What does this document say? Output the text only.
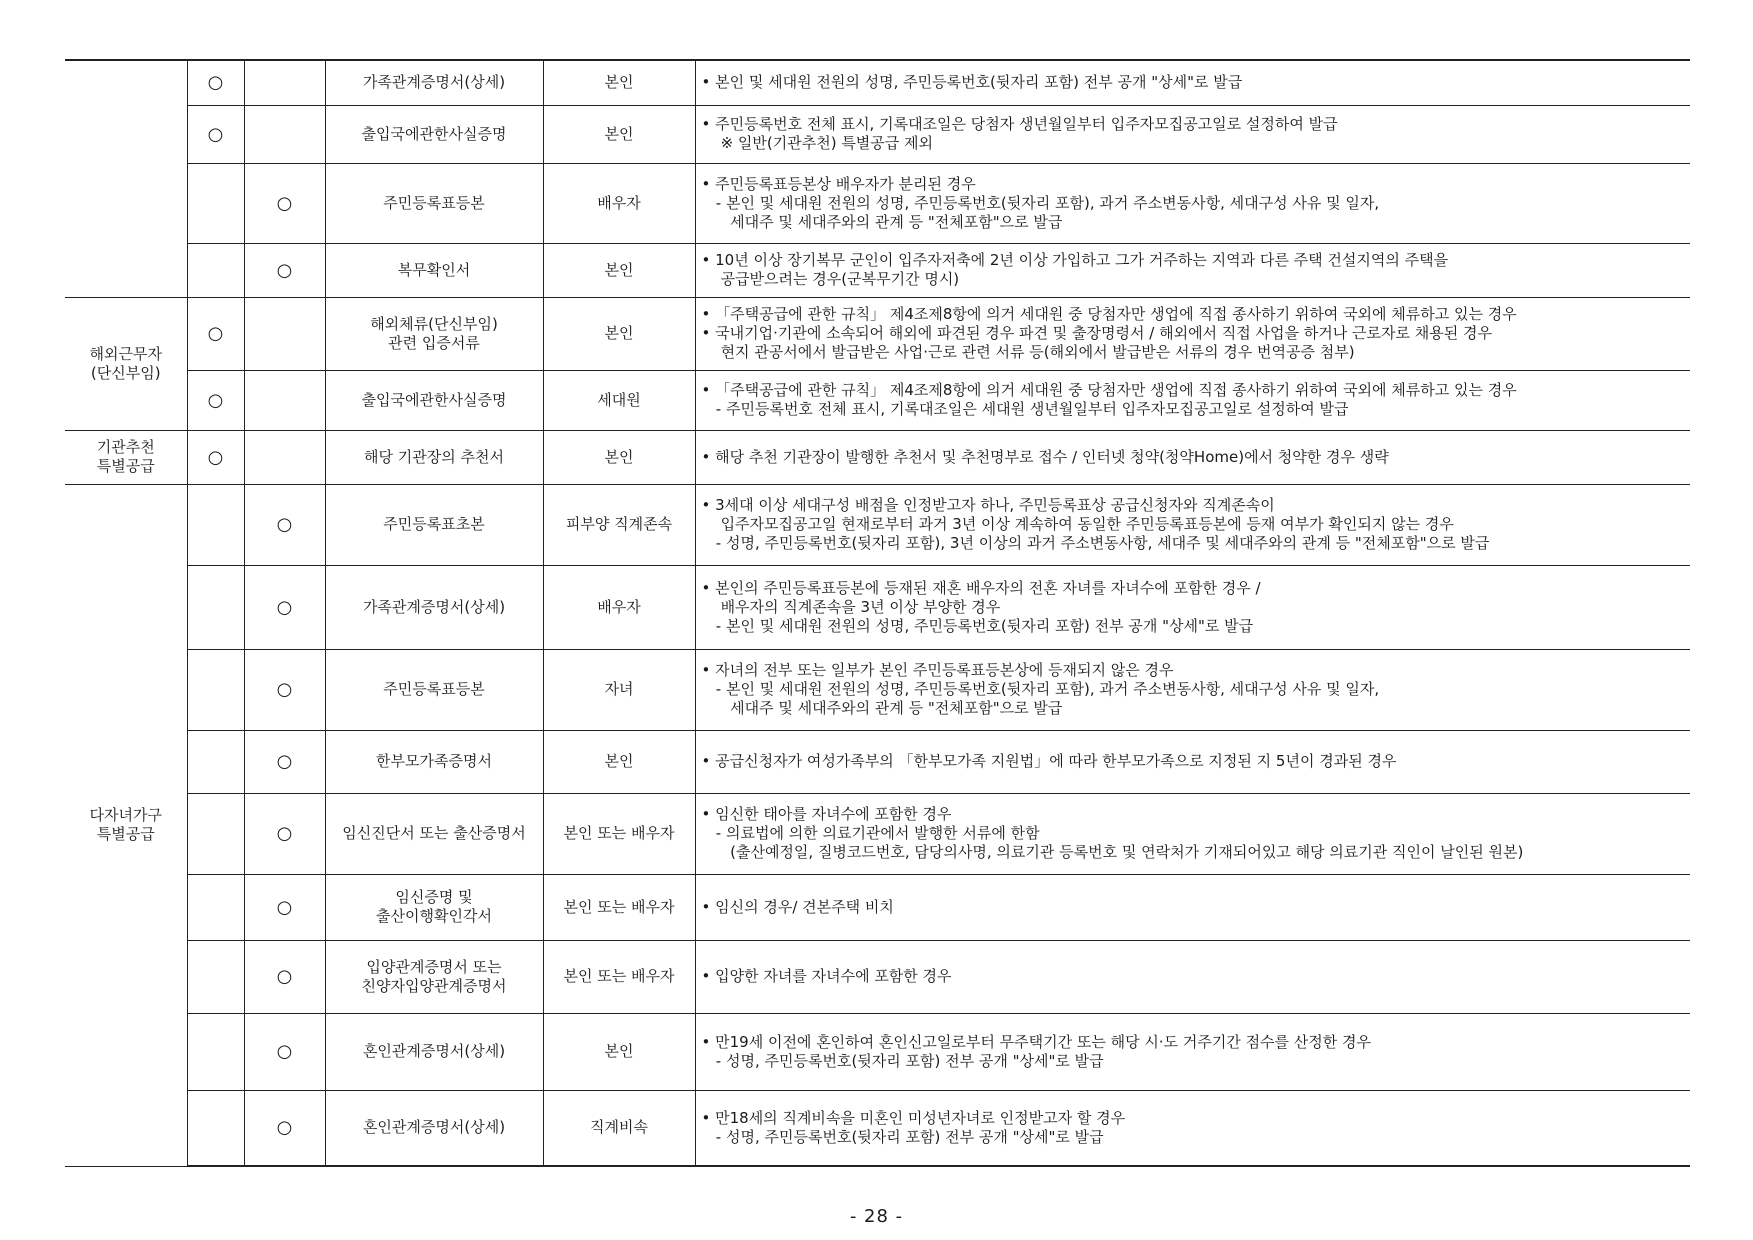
	○		가족관계증명서(상세)	본인	• 본인 및 세대원 전원의 성명, 주민등록번호(뒷자리 포함) 전부 공개 "상세"로 발급

	○		출입국에관한사실증명	본인	• 주민등록번호 전체 표시, 기록대조일은 당첨자 생년월일부터 입주자모집공고일로 설정하여 발급
※ 일반(기관추천) 특별공급 제외

		○	주민등록표등본	배우자	• 주민등록표등본상 배우자가 분리된 경우
- 본인 및 세대원 전원의 성명, 주민등록번호(뒷자리 포함), 과거 주소변동사항, 세대구성 사유 및 일자,
세대주 및 세대주와의 관계 등 "전체포함"으로 발급

		○	복무확인서	본인	• 10년 이상 장기복무 군인이 입주자저축에 2년 이상 가입하고 그가 거주하는 지역과 다른 주택 건설지역의 주택을
공급받으려는 경우(군복무기간 명시)

해외근무자
(단신부임)	○		해외체류(단신부임)
관련 입증서류	본인	• 「주택공급에 관한 규칙」 제4조제8항에 의거 세대원 중 당첨자만 생업에 직접 종사하기 위하여 국외에 체류하고 있는 경우
• 국내기업·기관에 소속되어 해외에 파견된 경우 파견 및 출장명령서 / 해외에서 직접 사업을 하거나 근로자로 채용된 경우
현지 관공서에서 발급받은 사업·근로 관련 서류 등(해외에서 발급받은 서류의 경우 번역공증 첨부)

	○		출입국에관한사실증명	세대원	• 「주택공급에 관한 규칙」 제4조제8항에 의거 세대원 중 당첨자만 생업에 직접 종사하기 위하여 국외에 체류하고 있는 경우
- 주민등록번호 전체 표시, 기록대조일은 세대원 생년월일부터 입주자모집공고일로 설정하여 발급

기관추천
특별공급	○		해당 기관장의 추천서	본인	• 해당 추천 기관장이 발행한 추천서 및 추천명부로 접수 / 인터넷 청약(청약Home)에서 청약한 경우 생략

다자녀가구
특별공급		○	주민등록표초본	피부양 직계존속	• 3세대 이상 세대구성 배점을 인정받고자 하나, 주민등록표상 공급신청자와 직계존속이
입주자모집공고일 현재로부터 과거 3년 이상 계속하여 동일한 주민등록표등본에 등재 여부가 확인되지 않는 경우
- 성명, 주민등록번호(뒷자리 포함), 3년 이상의 과거 주소변동사항, 세대주 및 세대주와의 관계 등 "전체포함"으로 발급

		○	가족관계증명서(상세)	배우자	• 본인의 주민등록표등본에 등재된 재혼 배우자의 전혼 자녀를 자녀수에 포함한 경우 /
배우자의 직계존속을 3년 이상 부양한 경우
- 본인 및 세대원 전원의 성명, 주민등록번호(뒷자리 포함) 전부 공개 "상세"로 발급

		○	주민등록표등본	자녀	• 자녀의 전부 또는 일부가 본인 주민등록표등본상에 등재되지 않은 경우
- 본인 및 세대원 전원의 성명, 주민등록번호(뒷자리 포함), 과거 주소변동사항, 세대구성 사유 및 일자,
세대주 및 세대주와의 관계 등 "전체포함"으로 발급

		○	한부모가족증명서	본인	• 공급신청자가 여성가족부의 「한부모가족 지원법」에 따라 한부모가족으로 지정된 지 5년이 경과된 경우

		○	임신진단서 또는 출산증명서	본인 또는 배우자	• 임신한 태아를 자녀수에 포함한 경우
- 의료법에 의한 의료기관에서 발행한 서류에 한함
(출산예정일, 질병코드번호, 담당의사명, 의료기관 등록번호 및 연락처가 기재되어있고 해당 의료기관 직인이 날인된 원본)

		○	임신증명 및
출산이행확인각서	본인 또는 배우자	• 임신의 경우/ 견본주택 비치

		○	입양관계증명서 또는
친양자입양관계증명서	본인 또는 배우자	• 입양한 자녀를 자녀수에 포함한 경우

		○	혼인관계증명서(상세)	본인	• 만19세 이전에 혼인하여 혼인신고일로부터 무주택기간 또는 해당 시·도 거주기간 점수를 산정한 경우
- 성명, 주민등록번호(뒷자리 포함) 전부 공개 "상세"로 발급

		○	혼인관계증명서(상세)	직계비속	• 만18세의 직계비속을 미혼인 미성년자녀로 인정받고자 할 경우
- 성명, 주민등록번호(뒷자리 포함) 전부 공개 "상세"로 발급
- 28 -
